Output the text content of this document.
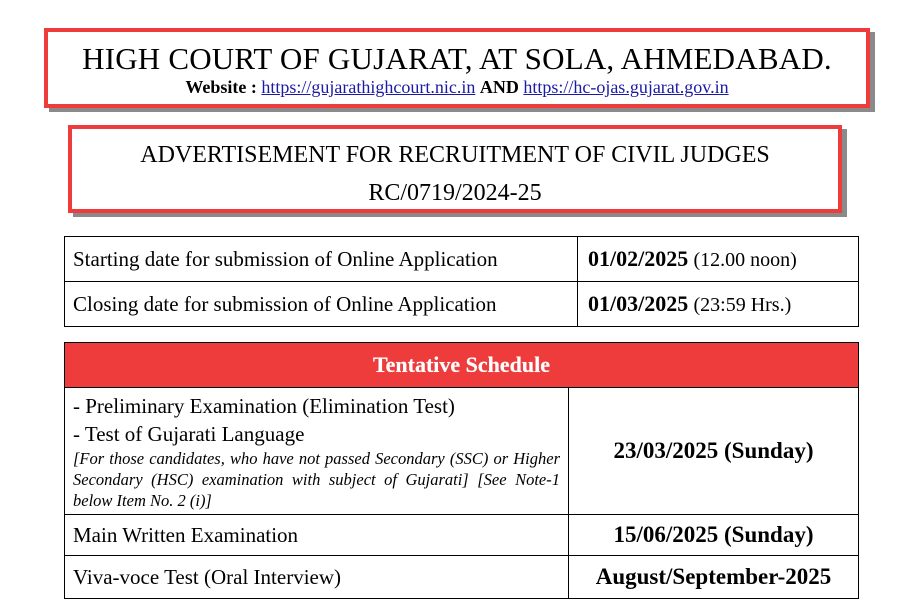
HIGH COURT OF GUJARAT, AT SOLA, AHMEDABAD.
Website : https://gujarathighcourt.nic.in AND https://hc-ojas.gujarat.gov.in
ADVERTISEMENT FOR RECRUITMENT OF CIVIL JUDGES
RC/0719/2024-25
Starting date for submission of Online Application	01/02/2025 (12.00 noon)
Closing date for submission of Online Application	01/03/2025 (23:59 Hrs.)
Tentative Schedule	

- Preliminary Examination (Elimination Test)
- Test of Gujarati Language
[For those candidates, who have not passed Secondary (SSC) or Higher Secondary (HSC) examination with subject of Gujarati] [See Note-1 below Item No. 2 (i)]	23/03/2025 (Sunday)
Main Written Examination	15/06/2025 (Sunday)
Viva-voce Test (Oral Interview)	August/September-2025
